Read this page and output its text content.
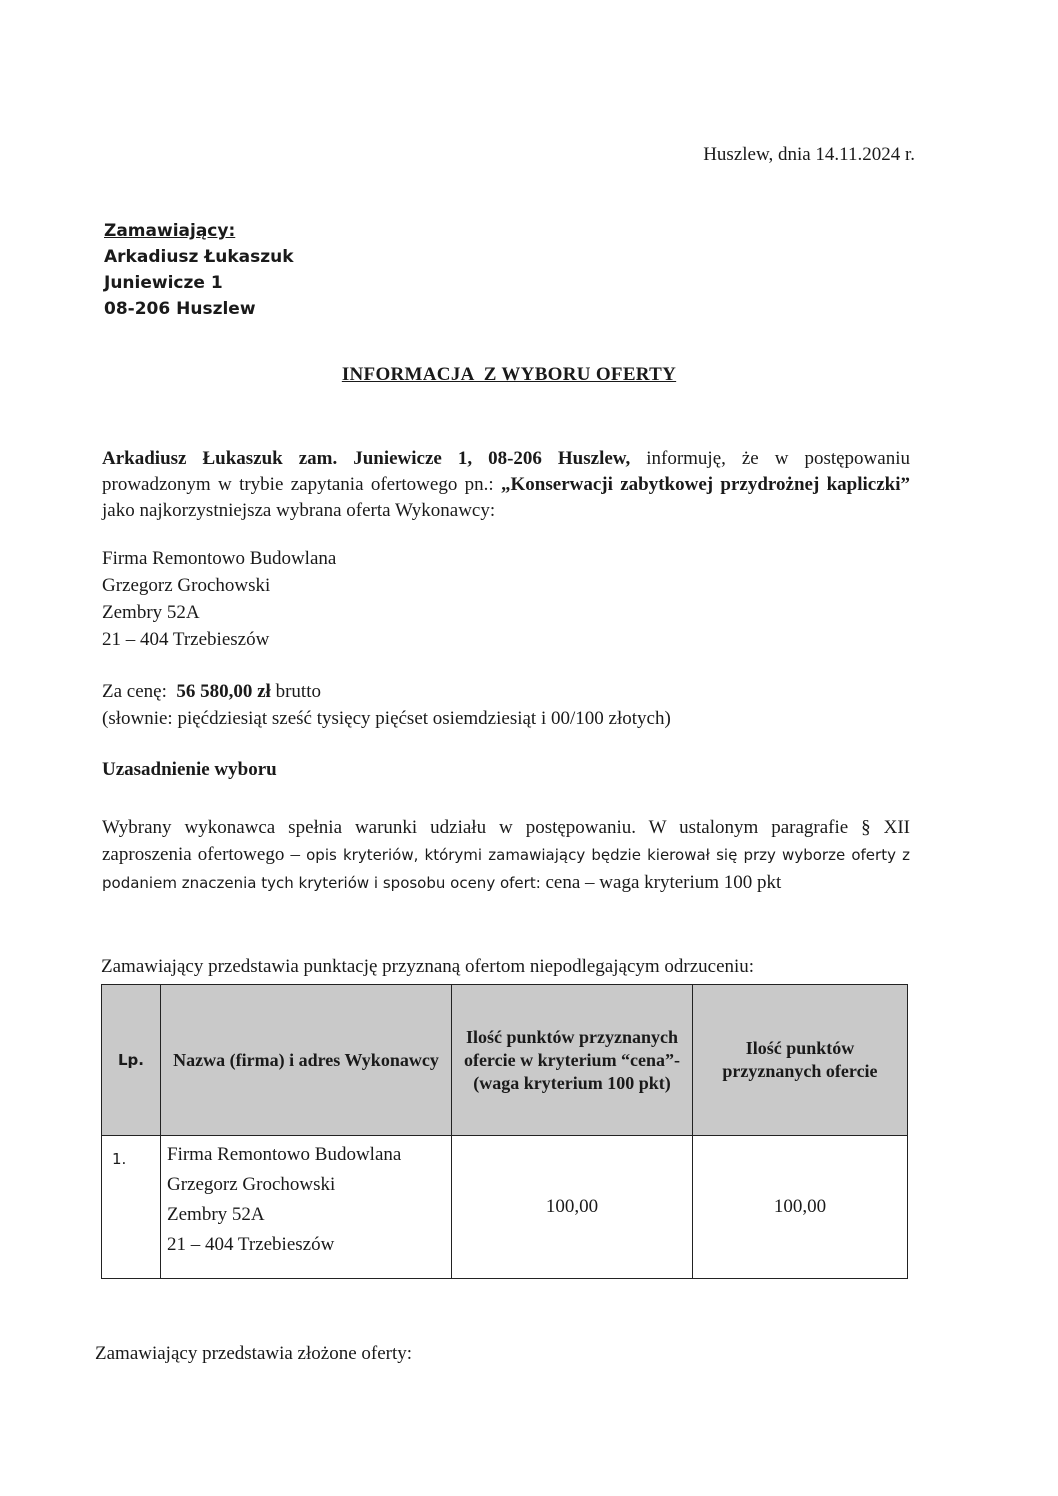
Huszlew, dnia 14.11.2024 r.
Zamawiający:
Arkadiusz Łukaszuk
Juniewicze 1
08-206 Huszlew
INFORMACJA  Z WYBORU OFERTY
Arkadiusz Łukaszuk zam. Juniewicze 1, 08-206 Huszlew, informuję, że w postępowaniu prowadzonym w trybie zapytania ofertowego pn.: „Konserwacji zabytkowej przydrożnej kapliczki” jako najkorzystniejsza wybrana oferta Wykonawcy:
Firma Remontowo Budowlana
Grzegorz Grochowski
Zembry 52A
21 – 404 Trzebieszów
Za cenę:  56 580,00 zł brutto
(słownie: pięćdziesiąt sześć tysięcy pięćset osiemdziesiąt i 00/100 złotych)
Uzasadnienie wyboru
Wybrany wykonawca spełnia warunki udziału w postępowaniu. W ustalonym paragrafie § XII zaproszenia ofertowego – opis kryteriów, którymi zamawiający będzie kierował się przy wyborze oferty z podaniem znaczenia tych kryteriów i sposobu oceny ofert: cena – waga kryterium 100 pkt
Zamawiający przedstawia punktację przyznaną ofertom niepodlegającym odrzuceniu:
Lp.	Nazwa (firma) i adres Wykonawcy	Ilość punktów przyznanych ofercie w kryterium “cena”- (waga kryterium 100 pkt)	Ilość punktów przyznanych ofercie
1.	Firma Remontowo Budowlana
Grzegorz Grochowski
Zembry 52A
21 – 404 Trzebieszów	100,00	100,00
Zamawiający przedstawia złożone oferty:
